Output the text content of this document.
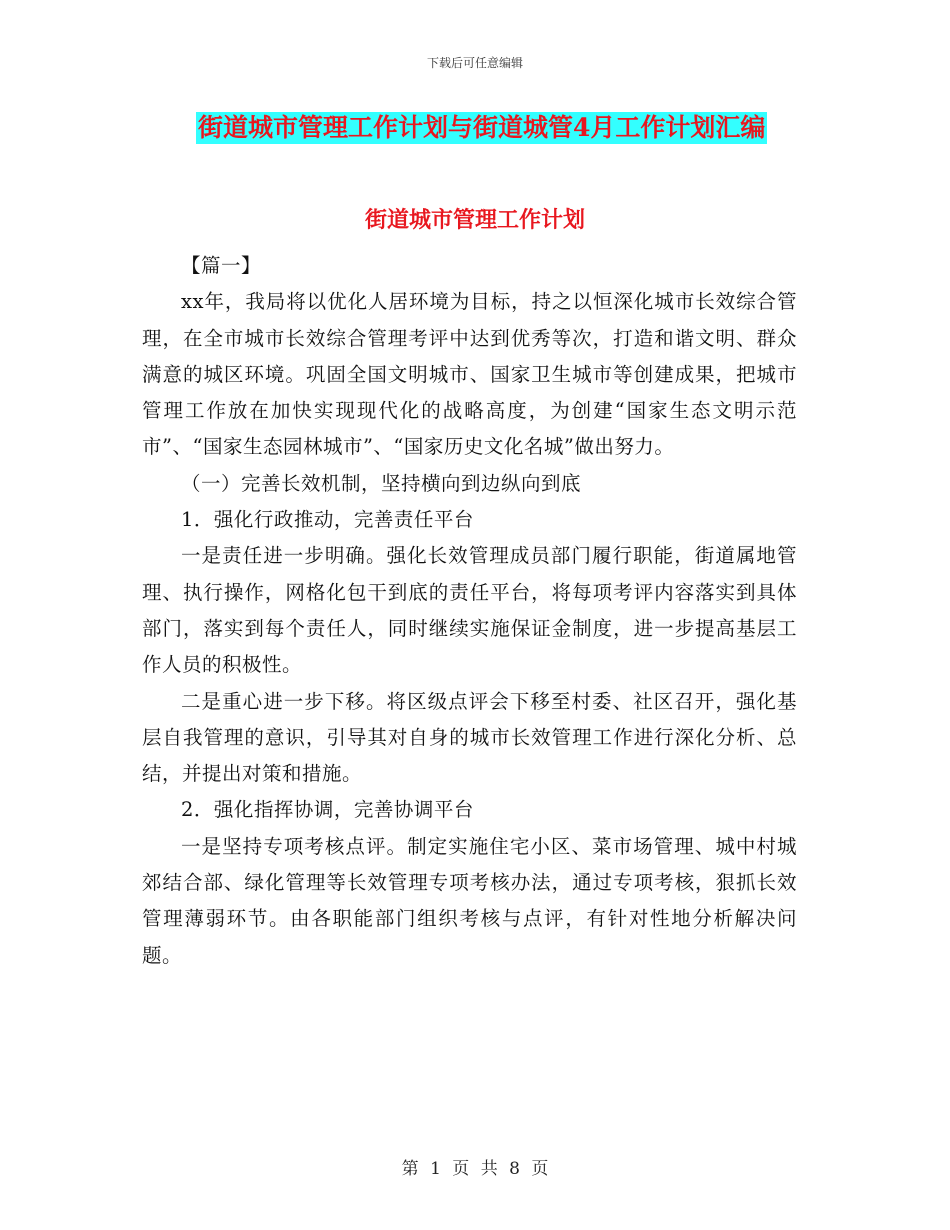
下载后可任意编辑
街道城市管理工作计划与街道城管4月工作计划汇编
街道城市管理工作计划

【篇一】

xx年，我局将以优化人居环境为目标，持之以恒深化城市长效综合管理，在全市城市长效综合管理考评中达到优秀等次，打造和谐文明、群众满意的城区环境。巩固全国文明城市、国家卫生城市等创建成果，把城市管理工作放在加快实现现代化的战略高度，为创建“国家生态文明示范市”、“国家生态园林城市”、“国家历史文化名城”做出努力。

（一）完善长效机制，坚持横向到边纵向到底

1．强化行政推动，完善责任平台

一是责任进一步明确。强化长效管理成员部门履行职能，街道属地管理、执行操作，网格化包干到底的责任平台，将每项考评内容落实到具体部门，落实到每个责任人，同时继续实施保证金制度，进一步提高基层工作人员的积极性。

二是重心进一步下移。将区级点评会下移至村委、社区召开，强化基层自我管理的意识，引导其对自身的城市长效管理工作进行深化分析、总结，并提出对策和措施。

2．强化指挥协调，完善协调平台

一是坚持专项考核点评。制定实施住宅小区、菜市场管理、城中村城郊结合部、绿化管理等长效管理专项考核办法，通过专项考核，狠抓长效管理薄弱环节。由各职能部门组织考核与点评，有针对性地分析解决问题。

第 1 页 共 8 页
